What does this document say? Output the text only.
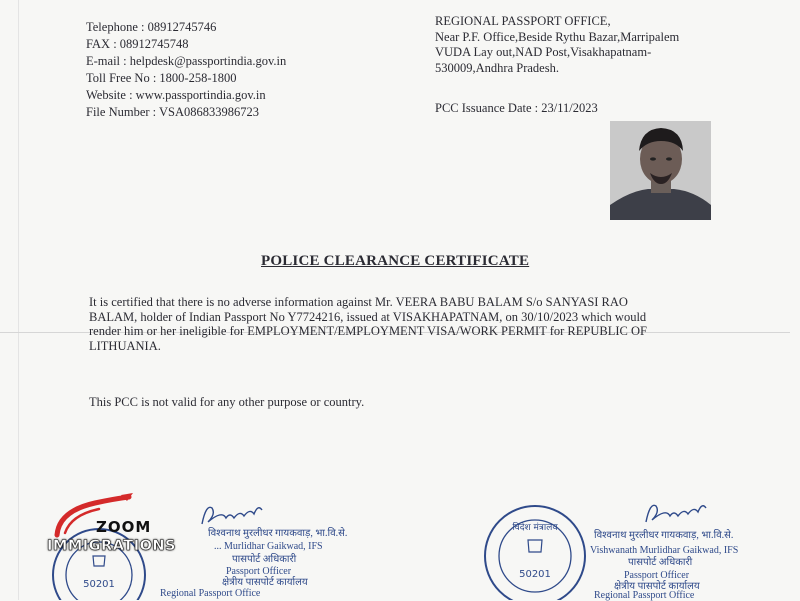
Telephone : 08912745746
FAX : 08912745748
E-mail : helpdesk@passportindia.gov.in
Toll Free No : 1800-258-1800
Website : www.passportindia.gov.in
File Number : VSA086833986723
REGIONAL PASSPORT OFFICE,
Near P.F. Office,Beside Rythu Bazar,Marripalem
VUDA Lay out,NAD Post,Visakhapatnam-
530009,Andhra Pradesh.
PCC Issuance Date : 23/11/2023
POLICE CLEARANCE CERTIFICATE
It is certified that there is no adverse information against Mr. VEERA BABU BALAM S/o SANYASI RAO
BALAM, holder of Indian Passport No Y7724216, issued at VISAKHAPATNAM, on 30/10/2023 which would
render him or her ineligible for EMPLOYMENT/EMPLOYMENT VISA/WORK PERMIT for REPUBLIC OF
LITHUANIA.
This PCC is not valid for any other purpose or country.
50201
विश्वनाथ मुरलीधर गायकवाड़, भा.वि.से.
... Murlidhar Gaikwad, IFS
पासपोर्ट अधिकारी
Passport Officer
क्षेत्रीय पासपोर्ट कार्यालय
Regional Passport Office
विदेश मंत्रालय
50201
विश्वनाथ मुरलीधर गायकवाड़, भा.वि.से.
Vishwanath Murlidhar Gaikwad, IFS
पासपोर्ट अधिकारी
Passport Officer
क्षेत्रीय पासपोर्ट कार्यालय
Regional Passport Office
ZOOM
IMMIGRATIONS
